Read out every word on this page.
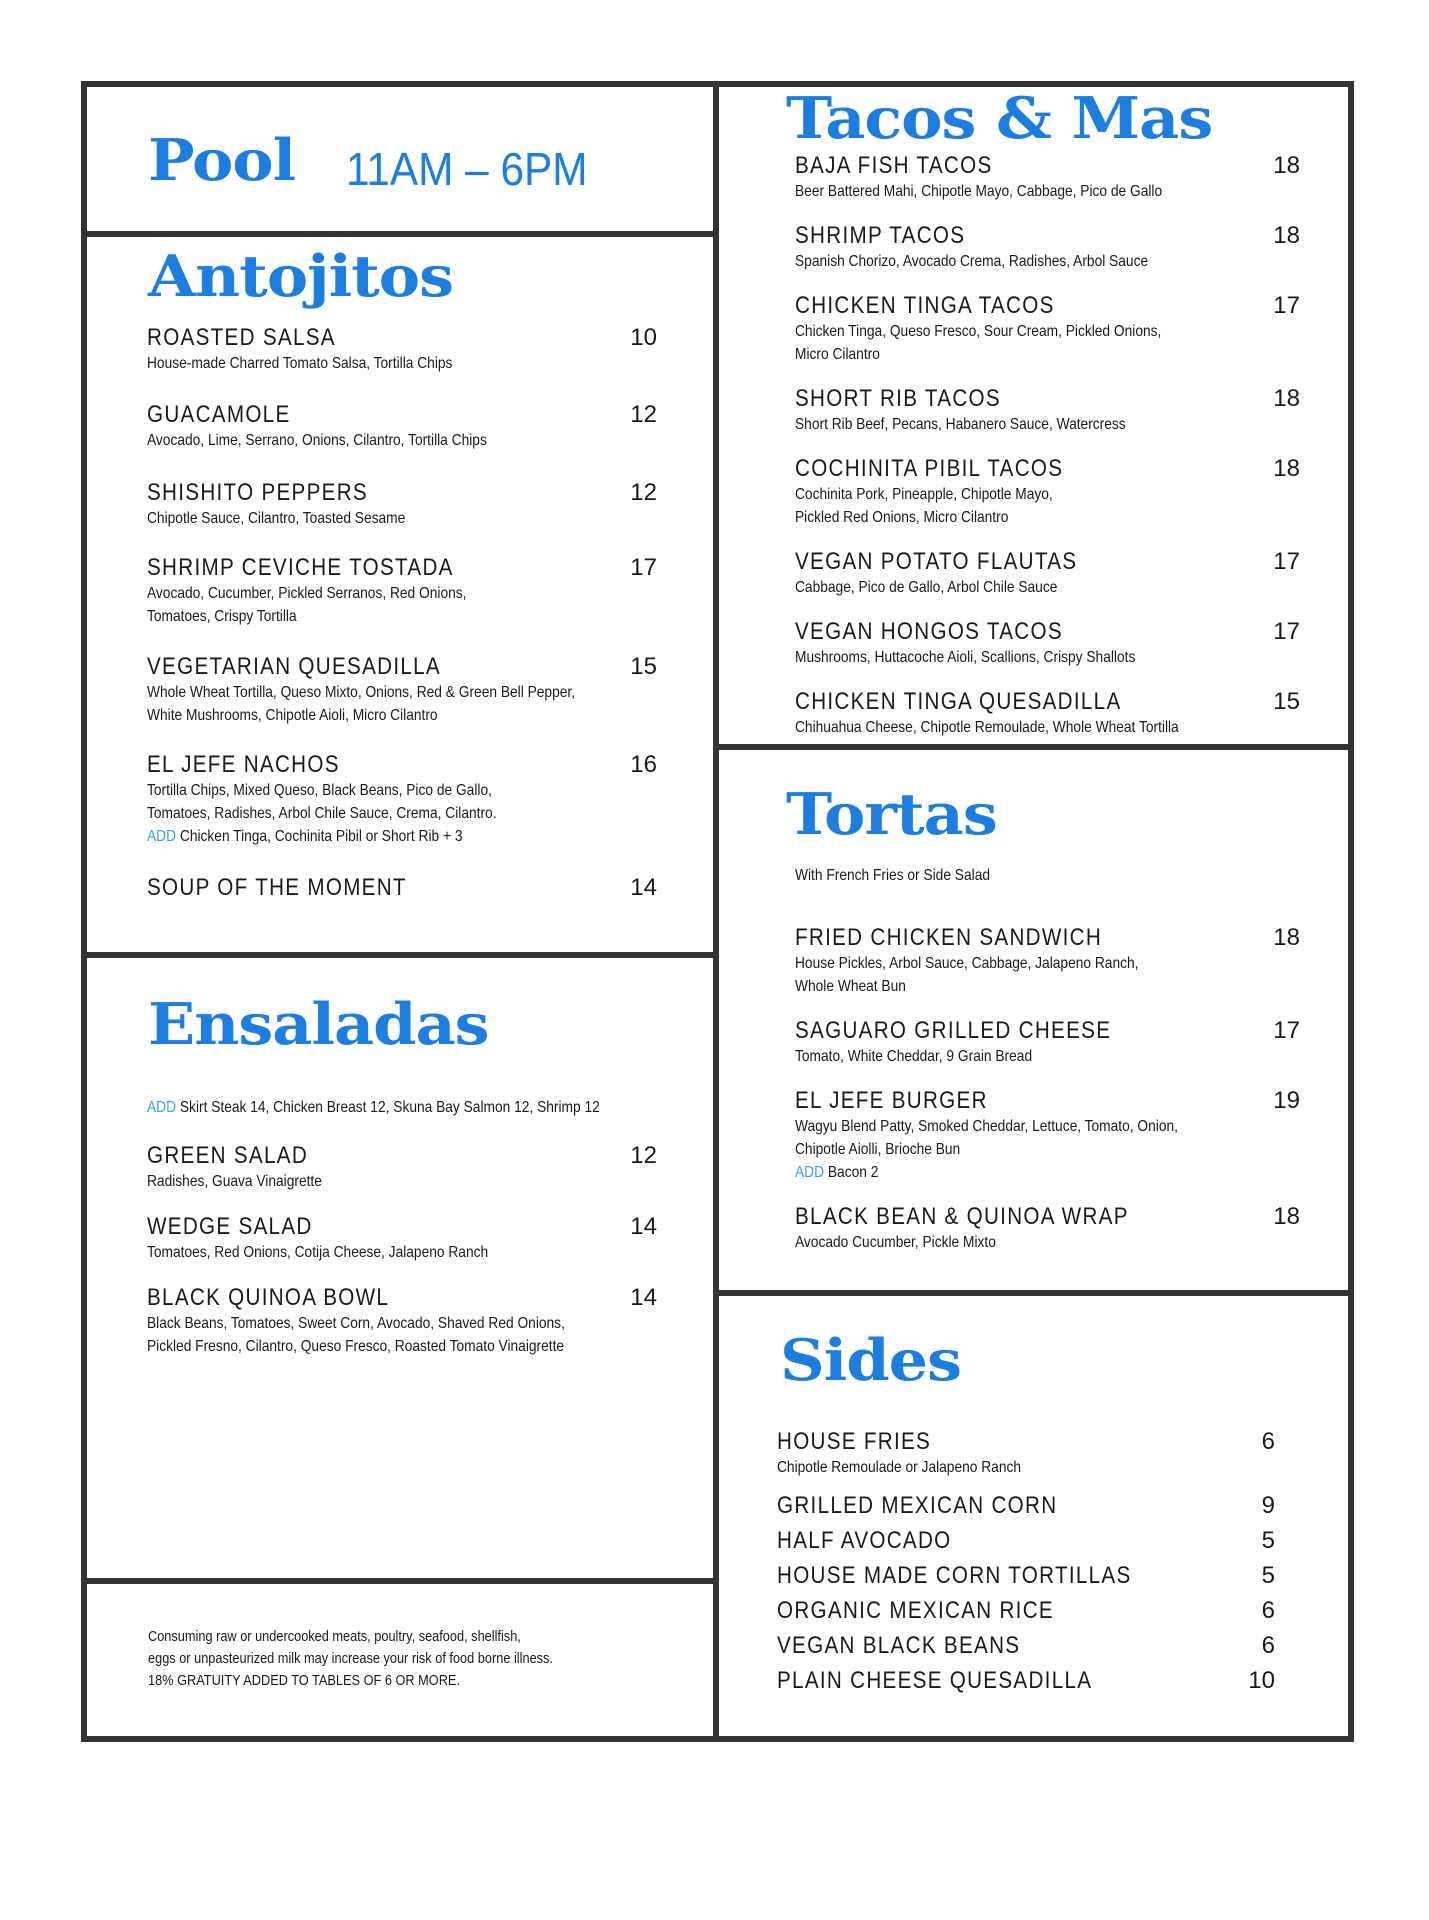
Pool 11AM – 6PM
Antojitos
ROASTED SALSA	10
House-made Charred Tomato Salsa, Tortilla Chips
GUACAMOLE	12
Avocado, Lime, Serrano, Onions, Cilantro, Tortilla Chips
SHISHITO PEPPERS	12
Chipotle Sauce, Cilantro, Toasted Sesame
SHRIMP CEVICHE TOSTADA	17
Avocado, Cucumber, Pickled Serranos, Red Onions,
Tomatoes, Crispy Tortilla
VEGETARIAN QUESADILLA	15
Whole Wheat Tortilla, Queso Mixto, Onions, Red & Green Bell Pepper,
White Mushrooms, Chipotle Aioli, Micro Cilantro
EL JEFE NACHOS	16
Tortilla Chips, Mixed Queso, Black Beans, Pico de Gallo,
Tomatoes, Radishes, Arbol Chile Sauce, Crema, Cilantro.
ADD Chicken Tinga, Cochinita Pibil or Short Rib + 3
SOUP OF THE MOMENT	14
Ensaladas
ADD Skirt Steak 14, Chicken Breast 12, Skuna Bay Salmon 12, Shrimp 12
GREEN SALAD	12
Radishes, Guava Vinaigrette
WEDGE SALAD	14
Tomatoes, Red Onions, Cotija Cheese, Jalapeno Ranch
BLACK QUINOA BOWL	14
Black Beans, Tomatoes, Sweet Corn, Avocado, Shaved Red Onions,
Pickled Fresno, Cilantro, Queso Fresco, Roasted Tomato Vinaigrette
Consuming raw or undercooked meats, poultry, seafood, shellfish,
eggs or unpasteurized milk may increase your risk of food borne illness.
18% GRATUITY ADDED TO TABLES OF 6 OR MORE.
Tacos & Mas
BAJA FISH TACOS	18
Beer Battered Mahi, Chipotle Mayo, Cabbage, Pico de Gallo
SHRIMP TACOS	18
Spanish Chorizo, Avocado Crema, Radishes, Arbol Sauce
CHICKEN TINGA TACOS	17
Chicken Tinga, Queso Fresco, Sour Cream, Pickled Onions,
Micro Cilantro
SHORT RIB TACOS	18
Short Rib Beef, Pecans, Habanero Sauce, Watercress
COCHINITA PIBIL TACOS	18
Cochinita Pork, Pineapple, Chipotle Mayo,
Pickled Red Onions, Micro Cilantro
VEGAN POTATO FLAUTAS	17
Cabbage, Pico de Gallo, Arbol Chile Sauce
VEGAN HONGOS TACOS	17
Mushrooms, Huttacoche Aioli, Scallions, Crispy Shallots
CHICKEN TINGA QUESADILLA	15
Chihuahua Cheese, Chipotle Remoulade, Whole Wheat Tortilla
Tortas
With French Fries or Side Salad
FRIED CHICKEN SANDWICH	18
House Pickles, Arbol Sauce, Cabbage, Jalapeno Ranch,
Whole Wheat Bun
SAGUARO GRILLED CHEESE	17
Tomato, White Cheddar, 9 Grain Bread
EL JEFE BURGER	19
Wagyu Blend Patty, Smoked Cheddar, Lettuce, Tomato, Onion,
Chipotle Aiolli, Brioche Bun
ADD Bacon 2
BLACK BEAN & QUINOA WRAP	18
Avocado Cucumber, Pickle Mixto
Sides
HOUSE FRIES	6
Chipotle Remoulade or Jalapeno Ranch
GRILLED MEXICAN CORN	9
HALF AVOCADO	5
HOUSE MADE CORN TORTILLAS	5
ORGANIC MEXICAN RICE	6
VEGAN BLACK BEANS	6
PLAIN CHEESE QUESADILLA	10
